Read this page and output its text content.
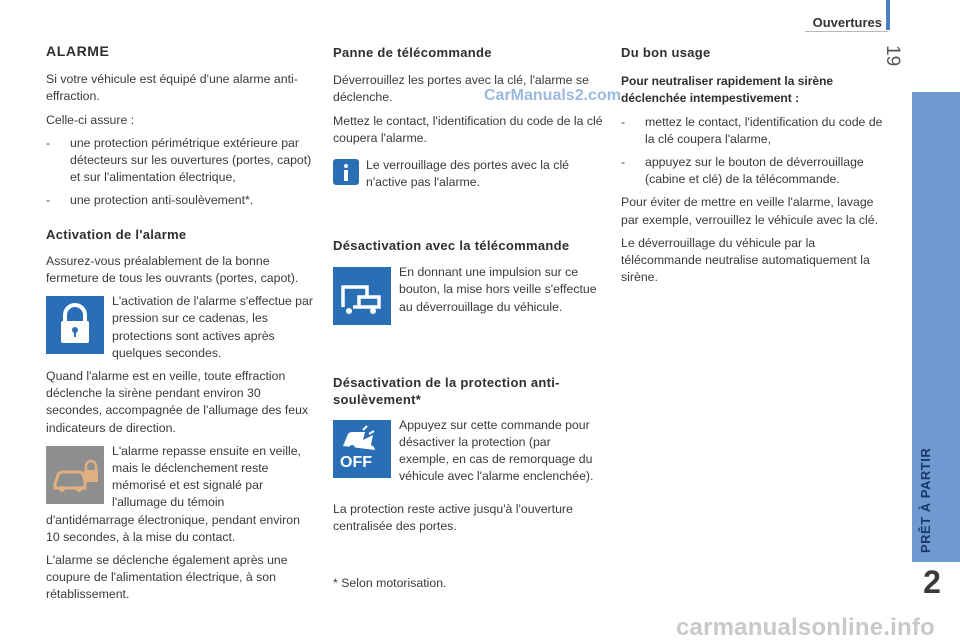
Ouvertures
19
PRÊT À PARTIR
2
CarManuals2.com
ALARME

Si votre véhicule est équipé d'une alarme anti-effraction.

Celle-ci assure :

- une protection périmétrique extérieure par détecteurs sur les ouvertures (portes, capot) et sur l'alimentation électrique,
- une protection anti-soulèvement*.
Activation de l'alarme

Assurez-vous préalablement de la bonne fermeture de tous les ouvrants (portes, capot).

L'activation de l'alarme s'effectue par pression sur ce cadenas, les protections sont actives après quelques secondes.

Quand l'alarme est en veille, toute effraction déclenche la sirène pendant environ 30 secondes, accompagnée de l'allumage des feux indicateurs de direction.

L'alarme repasse ensuite en veille, mais le déclenchement reste mémorisé et est signalé par l'allumage du témoin

d'antidémarrage électronique, pendant environ 10 secondes, à la mise du contact.

L'alarme se déclenche également après une coupure de l'alimentation électrique, à son rétablissement.

Panne de télécommande

Déverrouillez les portes avec la clé, l'alarme se déclenche.

Mettez le contact, l'identification du code de la clé coupera l'alarme.

Le verrouillage des portes avec la clé n'active pas l'alarme.

Désactivation avec la télécommande

En donnant une impulsion sur ce bouton, la mise hors veille s'effectue au déverrouillage du véhicule.

Désactivation de la protection anti-soulèvement*
OFF

Appuyez sur cette commande pour désactiver la protection (par exemple, en cas de remorquage du véhicule avec l'alarme enclenchée).

La protection reste active jusqu'à l'ouverture centralisée des portes.

* Selon motorisation.

Du bon usage

Pour neutraliser rapidement la sirène déclenchée intempestivement :

- mettez le contact, l'identification du code de la clé coupera l'alarme,
- appuyez sur le bouton de déverrouillage (cabine et clé) de la télécommande.

Pour éviter de mettre en veille l'alarme, lavage par exemple, verrouillez le véhicule avec la clé.

Le déverrouillage du véhicule par la télécommande neutralise automatiquement la sirène.

carmanualsonline.info
